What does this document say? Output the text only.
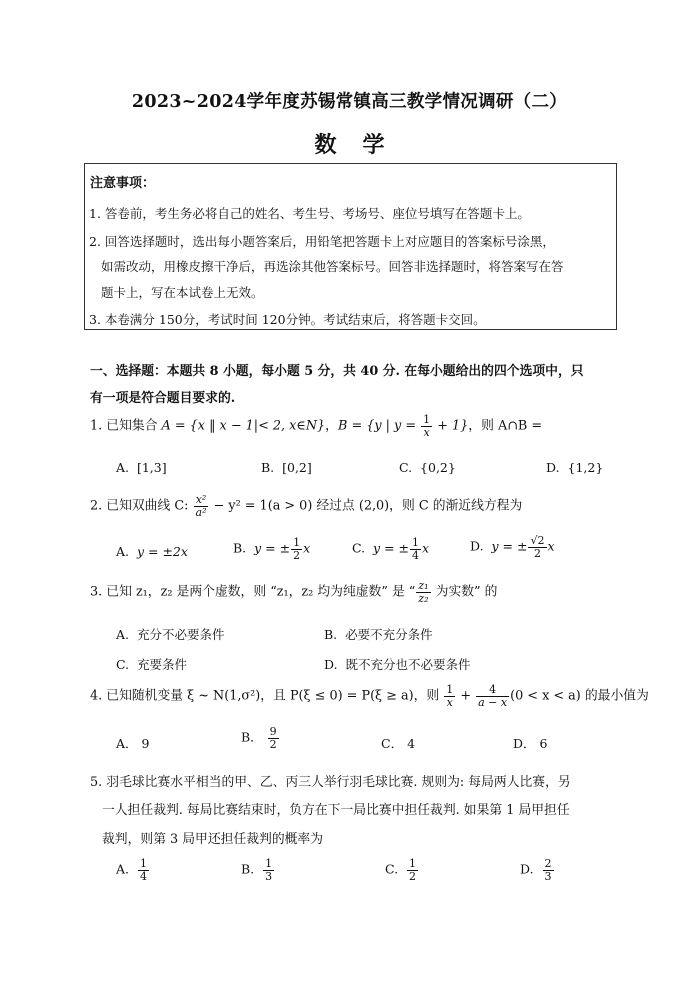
2023~2024学年度苏锡常镇高三教学情况调研（二）
数学
注意事项：
1. 答卷前，考生务必将自己的姓名、考生号、考场号、座位号填写在答题卡上。
2. 回答选择题时，选出每小题答案后，用铅笔把答题卡上对应题目的答案标号涂黑，
如需改动，用橡皮擦干净后，再选涂其他答案标号。回答非选择题时，将答案写在答
题卡上，写在本试卷上无效。
3. 本卷满分 150分，考试时间 120分钟。考试结束后，将答题卡交回。
一、选择题：本题共 8 小题，每小题 5 分，共 40 分. 在每小题给出的四个选项中，只
有一项是符合题目要求的.
1. 已知集合 A = {x ‖ x − 1|< 2, x∈N}，B = {y | $y = \frac{1}{x} + 1$}，则 A∩B =
A. [1,3]	B. [0,2]	C. {0,2}	D. {1,2}
2. 已知双曲线 C: $\frac{\text{x²}}{\text{a²}} - y^2 = 1(a > 0)$ 经过点 (2,0)，则 C 的渐近线方程为
A. y = ±2x	B. y = ± $\frac{1}{2}$ x	C. y = ± $\frac{1}{4}$ x	D. y = ± $\frac{√2}{2}$ x
3. 已知 z₁，z₂ 是两个虚数，则 “z₁，z₂ 均为纯虚数” 是 “ $\frac{\text{z₁}}{\text{z₂}}$ 为实数” 的
A. 充分不必要条件	B. 必要不充分条件
C. 充要条件	D. 既不充分也不必要条件
4. 已知随机变量 ξ ~ N(1,σ²)，且 P(ξ ≤ 0) = P(ξ ≥ a)，则 $\frac{1}{x} + \frac{4}{a - x} (0 < x < a)$ 的最小值为
A． 9	B． $\frac{9}{2}$	C． 4	D． 6
5. 羽毛球比赛水平相当的甲、乙、丙三人举行羽毛球比赛. 规则为: 每局两人比赛，另
一人担任裁判. 每局比赛结束时，负方在下一局比赛中担任裁判. 如果第 1 局甲担任
裁判，则第 3 局甲还担任裁判的概率为
A. $\frac{1}{4}$	B. $\frac{1}{3}$	C. $\frac{1}{2}$	D. $\frac{2}{3}$
